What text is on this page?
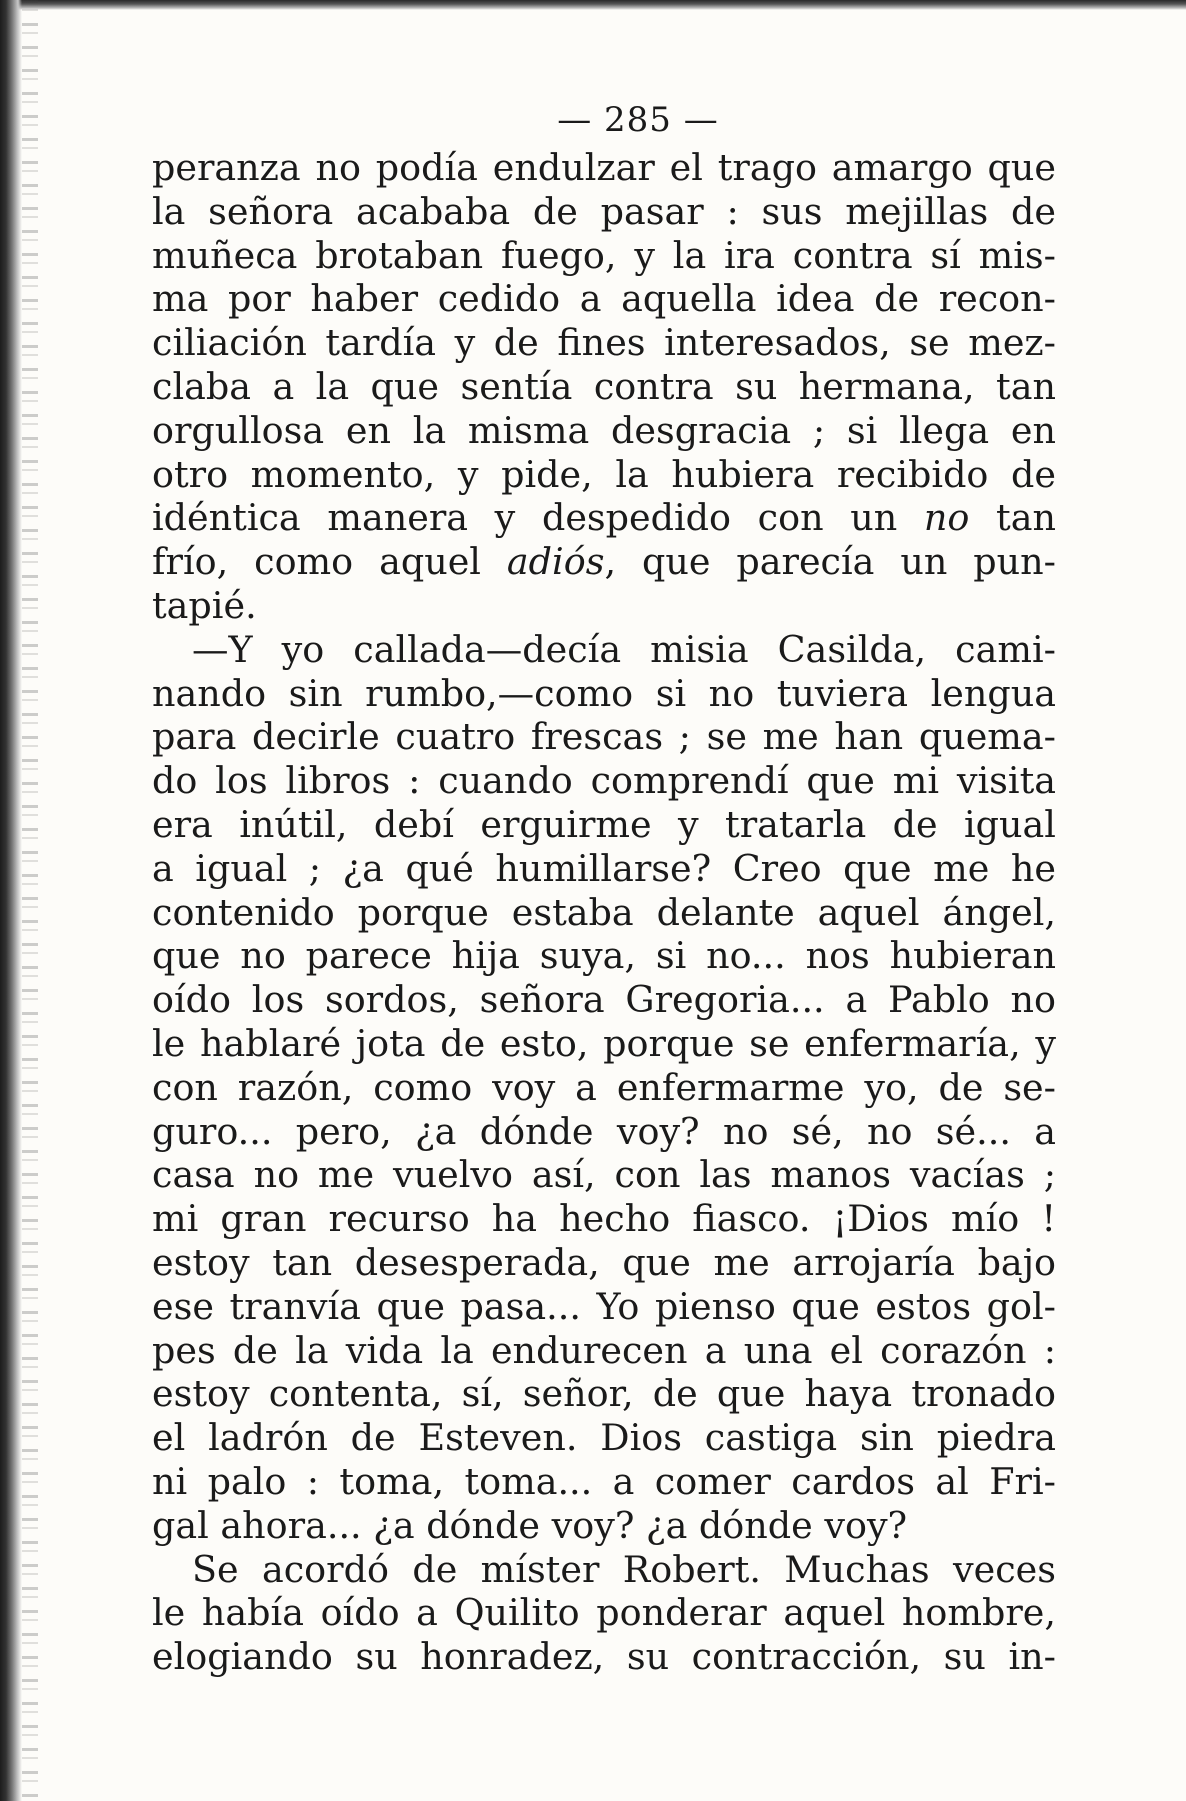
— 285 —
peranza no podía endulzar el trago amargo que
la señora acababa de pasar : sus mejillas de
muñeca brotaban fuego, y la ira contra sí mis-
ma por haber cedido a aquella idea de recon-
ciliación tardía y de fines interesados, se mez-
claba a la que sentía contra su hermana, tan
orgullosa en la misma desgracia ; si llega en
otro momento, y pide, la hubiera recibido de
idéntica manera y despedido con un no tan
frío, como aquel adiós, que parecía un pun-
tapié.
—Y yo callada—decía misia Casilda, cami-
nando sin rumbo,—como si no tuviera lengua
para decirle cuatro frescas ; se me han quema-
do los libros : cuando comprendí que mi visita
era inútil, debí erguirme y tratarla de igual
a igual ; ¿a qué humillarse? Creo que me he
contenido porque estaba delante aquel ángel,
que no parece hija suya, si no... nos hubieran
oído los sordos, señora Gregoria... a Pablo no
le hablaré jota de esto, porque se enfermaría, y
con razón, como voy a enfermarme yo, de se-
guro... pero, ¿a dónde voy? no sé, no sé... a
casa no me vuelvo así, con las manos vacías ;
mi gran recurso ha hecho fiasco. ¡Dios mío !
estoy tan desesperada, que me arrojaría bajo
ese tranvía que pasa... Yo pienso que estos gol-
pes de la vida la endurecen a una el corazón :
estoy contenta, sí, señor, de que haya tronado
el ladrón de Esteven. Dios castiga sin piedra
ni palo : toma, toma... a comer cardos al Fri-
gal ahora... ¿a dónde voy? ¿a dónde voy?
Se acordó de míster Robert. Muchas veces
le había oído a Quilito ponderar aquel hombre,
elogiando su honradez, su contracción, su in-
